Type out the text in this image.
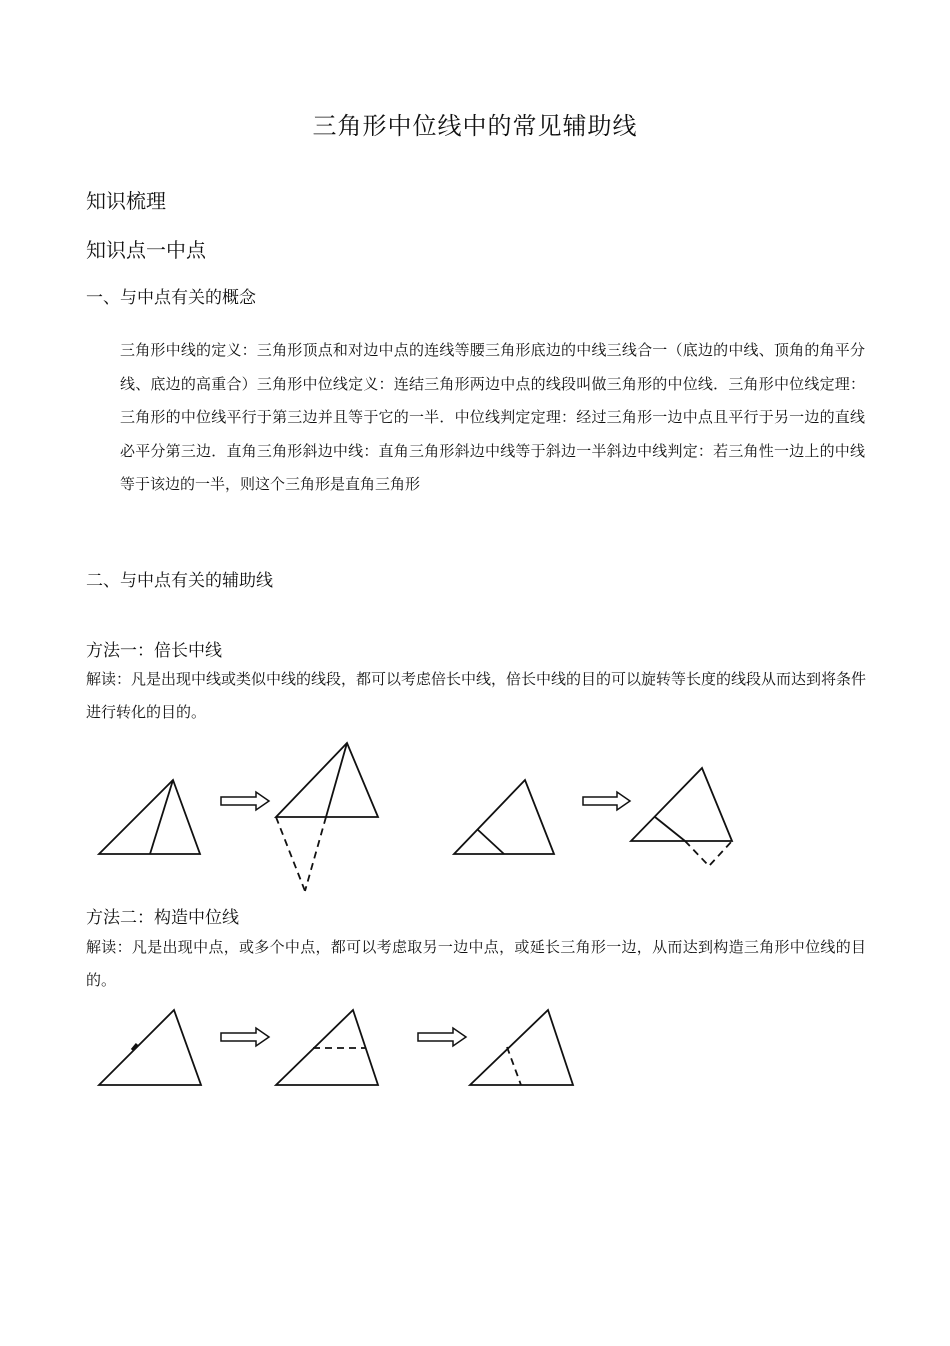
三角形中位线中的常见辅助线
知识梳理
知识点一中点
一、与中点有关的概念
三角形中线的定义：三角形顶点和对边中点的连线等腰三角形底边的中线三线合一（底边的中线、顶角的角平分线、底边的高重合）三角形中位线定义：连结三角形两边中点的线段叫做三角形的中位线．三角形中位线定理：三角形的中位线平行于第三边并且等于它的一半．中位线判定定理：经过三角形一边中点且平行于另一边的直线必平分第三边．直角三角形斜边中线：直角三角形斜边中线等于斜边一半斜边中线判定：若三角性一边上的中线等于该边的一半，则这个三角形是直角三角形
二、与中点有关的辅助线
方法一：倍长中线
解读：凡是出现中线或类似中线的线段，都可以考虑倍长中线，倍长中线的目的可以旋转等长度的线段从而达到将条件进行转化的目的。
方法二：构造中位线
解读：凡是出现中点，或多个中点，都可以考虑取另一边中点，或延长三角形一边，从而达到构造三角形中位线的目的。
